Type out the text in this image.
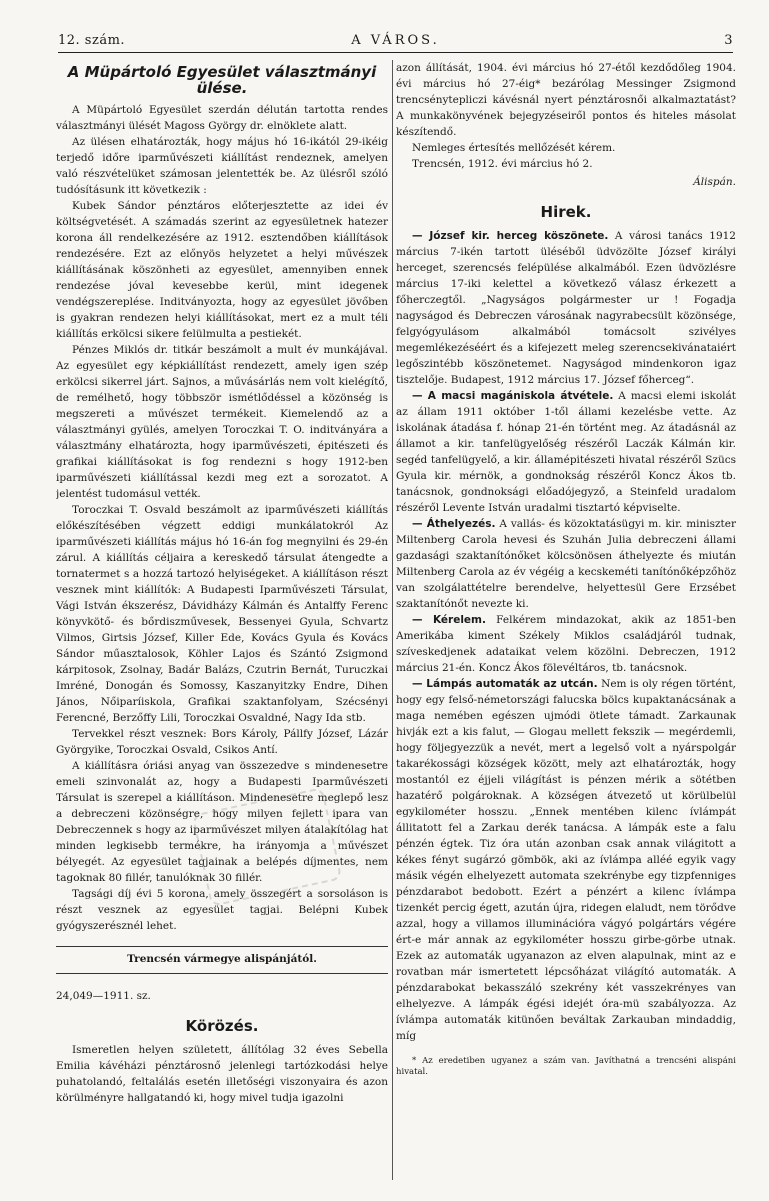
12. szám.	A VÁROS.	3
A Müpártoló Egyesület választmányi ülése.

A Müpártoló Egyesület szerdán délután tartotta rendes választmányi ülését Magoss György dr. elnöklete alatt.

Az ülésen elhatározták, hogy május hó 16-ikától 29-ikéig terjedő időre iparművészeti kiállítást rendeznek, amelyen való részvételüket számosan jelentették be. Az ülésről szóló tudósításunk itt következik :

Kubek Sándor pénztáros előterjesztette az idei év költségvetését. A számadás szerint az egyesületnek hatezer korona áll rendelkezésére az 1912. esztendőben kiállítások rendezésére. Ezt az előnyös helyzetet a helyi művészek kiállításának köszönheti az egyesület, amennyiben ennek rendezése jóval kevesebbe kerül, mint idegenek vendégszereplése. Inditványozta, hogy az egyesület jövőben is gyakran rendezen helyi kiállításokat, mert ez a mult téli kiállítás erkölcsi sikere felülmulta a pestiekét.

Pénzes Miklós dr. titkár beszámolt a mult év munkájával. Az egyesület egy képkiállítást rendezett, amely igen szép erkölcsi sikerrel járt. Sajnos, a művásárlás nem volt kielégítő, de remélhető, hogy többször ismétlődéssel a közönség is megszereti a művészet termékeit. Kiemelendő az a választmányi gyülés, amelyen Toroczkai T. O. inditványára a választmány elhatározta, hogy iparművészeti, épitészeti és grafikai kiállításokat is fog rendezni s hogy 1912-ben iparművészeti kiállítással kezdi meg ezt a sorozatot. A jelentést tudomásul vették.

Toroczkai T. Osvald beszámolt az iparművészeti kiállítás előkészítésében végzett eddigi munkálatokról Az iparművészeti kiállítás május hó 16-án fog megnyilni és 29-én zárul. A kiállítás céljaira a kereskedő társulat átengedte a tornatermet s a hozzá tartozó helyiségeket. A kiállításon részt vesznek mint kiállítók: A Budapesti Iparművészeti Társulat, Vági István ékszerész, Dávidházy Kálmán és Antalffy Ferenc könyvkötő- és bőrdiszművesek, Bessenyei Gyula, Schvartz Vilmos, Girtsis József, Killer Ede, Kovács Gyula és Kovács Sándor műasztalosok, Köhler Lajos és Szántó Zsigmond kárpitosok, Zsolnay, Badár Balázs, Czutrin Bernát, Turuczkai Imréné, Donogán és Somossy, Kaszanyitzky Endre, Dihen János, Nőiparíiskola, Grafikai szaktanfolyam, Szécsényi Ferencné, Berzőffy Lili, Toroczkai Osvaldné, Nagy Ida stb.

Tervekkel részt vesznek: Bors Károly, Pállfy József, Lázár Györgyike, Toroczkai Osvald, Csikos Antí.

A kiállításra óriási anyag van összezedve s mindenesetre emeli szinvonalát az, hogy a Budapesti Iparművészeti Társulat is szerepel a kiállításon. Mindenesetre meglepő lesz a debreczeni közönségre, hogy milyen fejlett ipara van Debreczennek s hogy az iparművészet milyen átalakítólag hat minden legkisebb termékre, ha irányomja a művészet bélyegét. Az egyesület tagjainak a belépés díjmentes, nem tagoknak 80 fillér, tanulóknak 30 fillér.

Tagsági díj évi 5 korona, amely összegért a sorsoláson is részt vesznek az egyesület tagjai. Belépni Kubek gyógyszerésznél lehet.

Trencsén vármegye alispánjától.

24,049—1911. sz.

Körözés.

Ismeretlen helyen született, állítólag 32 éves Sebella Emilia kávéházi pénztárosnő jelenlegi tartózkodási helye puhatolandó, feltalálás esetén illetőségi viszonyaira és azon körülményre hallgatandó ki, hogy mivel tudja igazolni

azon állítását, 1904. évi március hó 27-étől kezdődőleg 1904. évi március hó 27-éig* bezárólag Messinger Zsigmond trencsénytepliczi kávésnál nyert pénztárosnői alkalmaztatást? A munkakönyvének bejegyzéseiről pontos és hiteles másolat készítendő.

Nemleges értesítés mellőzését kérem.

Trencsén, 1912. évi március hó 2.

Álispán.
Hirek.

— József kir. herceg köszönete. A városi tanács 1912 március 7-ikén tartott üléséből üdvözölte József királyi herceget, szerencsés felépülése alkalmából. Ezen üdvözlésre március 17-iki kelettel a következő válasz érkezett a főherczegtől. „Nagyságos polgármester ur ! Fogadja nagyságod és Debreczen városának nagyrabecsült közönsége, felgyógyulásom alkalmából tomácsolt szivélyes megemlékezéséért és a kifejezett meleg szerencsekivánataiért legőszintébb köszönetemet. Nagyságod mindenkoron igaz tisztelője. Budapest, 1912 március 17. József főherceg“.

— A macsi magániskola átvétele. A macsi elemi iskolát az állam 1911 október 1-től állami kezelésbe vette. Az iskolának átadása f. hónap 21-én történt meg. Az átadásnál az államot a kir. tanfelügyelőség részéről Laczák Kálmán kir. segéd tanfelügyelő, a kir. államépitészeti hivatal részéről Szücs Gyula kir. mérnök, a gondnokság részéről Koncz Ákos tb. tanácsnok, gondnoksági előadójegyző, a Steinfeld uradalom részéről Levente István uradalmi tisztartó képviselte.

— Áthelyezés. A vallás- és közoktatásügyi m. kir. miniszter Miltenberg Carola hevesi és Szuhán Julia debreczeni állami gazdasági szaktanítónőket kölcsönösen áthelyezte és miután Miltenberg Carola az év végéig a kecskeméti tanítónőképzőhöz van szolgálattételre berendelve, helyettesül Gere Erzsébet szaktanítónőt nevezte ki.

— Kérelem. Felkérem mindazokat, akik az 1851-ben Amerikába kiment Székely Miklos családjáról tudnak, szíveskedjenek adataikat velem közölni. Debreczen, 1912 március 21-én. Koncz Ákos fölevéltáros, tb. tanácsnok.

— Lámpás automaták az utcán. Nem is oly régen történt, hogy egy felső-németországi falucska bölcs kupaktanácsának a maga nemében egészen ujmódi ötlete támadt. Zarkaunak hivják ezt a kis falut, — Glogau mellett fekszik — megérdemli, hogy följegyezzük a nevét, mert a legelső volt a nyárspolgár takarékossági községek között, mely azt elhatározták, hogy mostantól ez éjjeli világítást is pénzen mérik a sötétben hazatérő polgároknak. A községen átvezető ut körülbelül egykilométer hosszu. „Ennek mentében kilenc ívlámpát állitatott fel a Zarkau derék tanácsa. A lámpák este a falu pénzén égtek. Tiz óra után azonban csak annak világitott a kékes fényt sugárzó gömbök, aki az ívlámpa alléé egyik vagy másik végén elhelyezett automata szekrénybe egy tizpfenniges pénzdarabot bedobott. Ezért a pénzért a kilenc ívlámpa tizenkét percig égett, azután újra, ridegen elaludt, nem törődve azzal, hogy a villamos illuminációra vágyó polgártárs végére ért-e már annak az egykilométer hosszu girbe-görbe utnak. Ezek az automaták ugyanazon az elven alapulnak, mint az e rovatban már ismertetett lépcsőházat világító automaták. A pénzdarabokat bekasszáló szekrény két vasszekrényes van elhelyezve. A lámpák égési idejét óra-mü szabályozza. Az ívlámpa automaták kitünően beváltak Zarkauban mindaddig, míg

* Az eredetiben ugyanez a szám van. Javíthatná a trencséni alispáni hivatal.
